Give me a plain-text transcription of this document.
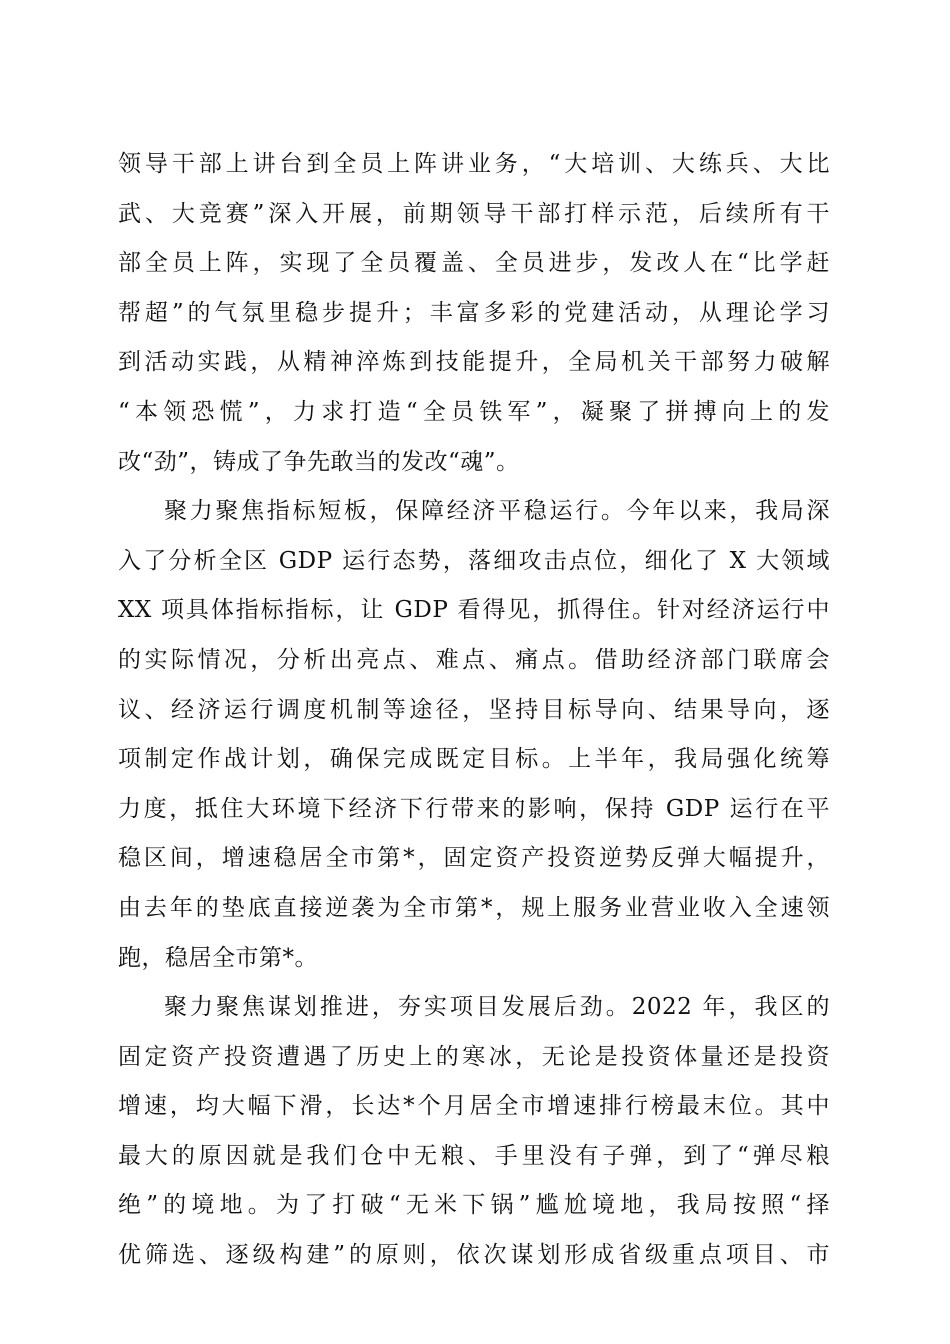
领导干部上讲台到全员上阵讲业务，“大培训、大练兵、大比
武、大竞赛”深入开展，前期领导干部打样示范，后续所有干
部全员上阵，实现了全员覆盖、全员进步，发改人在“比学赶
帮超”的气氛里稳步提升；丰富多彩的党建活动，从理论学习
到活动实践，从精神淬炼到技能提升，全局机关干部努力破解
“本领恐慌”，力求打造“全员铁军”，凝聚了拼搏向上的发
改“劲”，铸成了争先敢当的发改“魂”。
聚力聚焦指标短板，保障经济平稳运行。今年以来，我局深
入了分析全区 GDP 运行态势，落细攻击点位，细化了 X 大领域
XX 项具体指标指标，让 GDP 看得见，抓得住。针对经济运行中
的实际情况，分析出亮点、难点、痛点。借助经济部门联席会
议、经济运行调度机制等途径，坚持目标导向、结果导向，逐
项制定作战计划，确保完成既定目标。上半年，我局强化统筹
力度，抵住大环境下经济下行带来的影响，保持 GDP 运行在平
稳区间，增速稳居全市第*，固定资产投资逆势反弹大幅提升，
由去年的垫底直接逆袭为全市第*，规上服务业营业收入全速领
跑，稳居全市第*。
聚力聚焦谋划推进，夯实项目发展后劲。2022 年，我区的
固定资产投资遭遇了历史上的寒冰，无论是投资体量还是投资
增速，均大幅下滑，长达*个月居全市增速排行榜最末位。其中
最大的原因就是我们仓中无粮、手里没有子弹，到了“弹尽粮
绝”的境地。为了打破“无米下锅”尴尬境地，我局按照“择
优筛选、逐级构建”的原则，依次谋划形成省级重点项目、市
